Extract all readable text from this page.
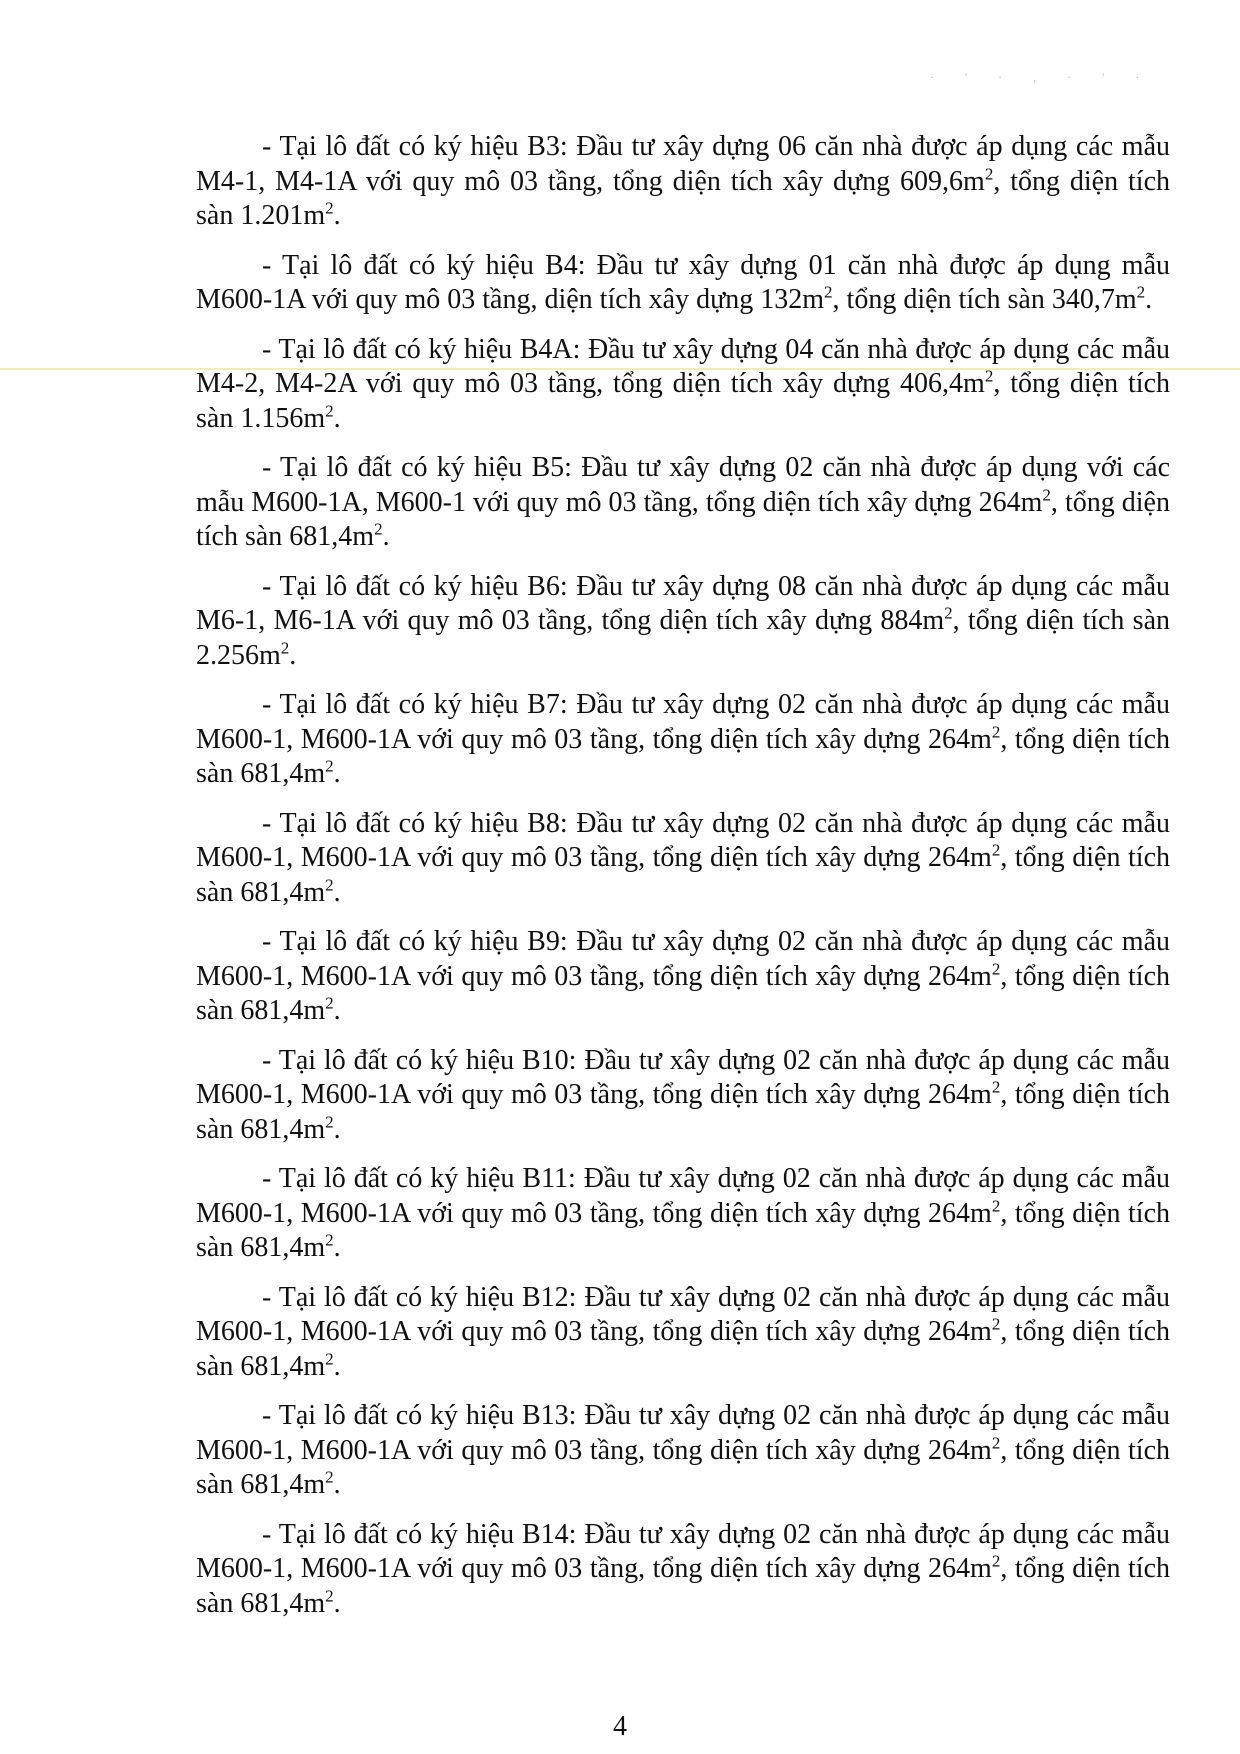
· ' · , · ' ·

- Tại lô đất có ký hiệu B3: Đầu tư xây dựng 06 căn nhà được áp dụng các mẫu M4-1, M4-1A với quy mô 03 tầng, tổng diện tích xây dựng $609,6m^2$, tổng diện tích sàn $1.201m^2$.

- Tại lô đất có ký hiệu B4: Đầu tư xây dựng 01 căn nhà được áp dụng mẫu M600-1A với quy mô 03 tầng, diện tích xây dựng $132m^2$, tổng diện tích sàn $340,7m^2$.

- Tại lô đất có ký hiệu B4A: Đầu tư xây dựng 04 căn nhà được áp dụng các mẫu M4-2, M4-2A với quy mô 03 tầng, tổng diện tích xây dựng $406,4m^2$, tổng diện tích sàn $1.156m^2$.

- Tại lô đất có ký hiệu B5: Đầu tư xây dựng 02 căn nhà được áp dụng với các mẫu M600-1A, M600-1 với quy mô 03 tầng, tổng diện tích xây dựng $264m^2$, tổng diện tích sàn $681,4m^2$.

- Tại lô đất có ký hiệu B6: Đầu tư xây dựng 08 căn nhà được áp dụng các mẫu M6-1, M6-1A với quy mô 03 tầng, tổng diện tích xây dựng $884m^2$, tổng diện tích sàn $2.256m^2$.

- Tại lô đất có ký hiệu B7: Đầu tư xây dựng 02 căn nhà được áp dụng các mẫu M600-1, M600-1A với quy mô 03 tầng, tổng diện tích xây dựng $264m^2$, tổng diện tích sàn $681,4m^2$.

- Tại lô đất có ký hiệu B8: Đầu tư xây dựng 02 căn nhà được áp dụng các mẫu M600-1, M600-1A với quy mô 03 tầng, tổng diện tích xây dựng $264m^2$, tổng diện tích sàn $681,4m^2$.

- Tại lô đất có ký hiệu B9: Đầu tư xây dựng 02 căn nhà được áp dụng các mẫu M600-1, M600-1A với quy mô 03 tầng, tổng diện tích xây dựng $264m^2$, tổng diện tích sàn $681,4m^2$.

- Tại lô đất có ký hiệu B10: Đầu tư xây dựng 02 căn nhà được áp dụng các mẫu M600-1, M600-1A với quy mô 03 tầng, tổng diện tích xây dựng $264m^2$, tổng diện tích sàn $681,4m^2$.

- Tại lô đất có ký hiệu B11: Đầu tư xây dựng 02 căn nhà được áp dụng các mẫu M600-1, M600-1A với quy mô 03 tầng, tổng diện tích xây dựng $264m^2$, tổng diện tích sàn $681,4m^2$.

- Tại lô đất có ký hiệu B12: Đầu tư xây dựng 02 căn nhà được áp dụng các mẫu M600-1, M600-1A với quy mô 03 tầng, tổng diện tích xây dựng $264m^2$, tổng diện tích sàn $681,4m^2$.

- Tại lô đất có ký hiệu B13: Đầu tư xây dựng 02 căn nhà được áp dụng các mẫu M600-1, M600-1A với quy mô 03 tầng, tổng diện tích xây dựng $264m^2$, tổng diện tích sàn $681,4m^2$.

- Tại lô đất có ký hiệu B14: Đầu tư xây dựng 02 căn nhà được áp dụng các mẫu M600-1, M600-1A với quy mô 03 tầng, tổng diện tích xây dựng $264m^2$, tổng diện tích sàn $681,4m^2$.

4
